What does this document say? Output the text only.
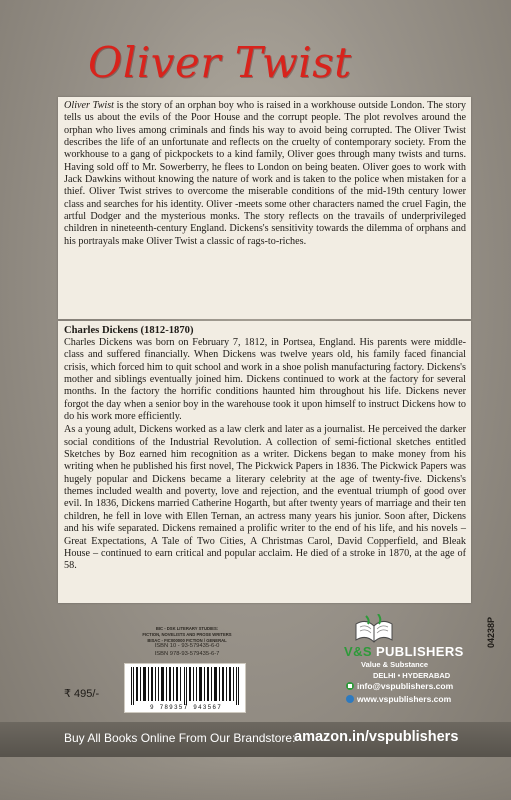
Oliver Twist

Oliver Twist is the story of an orphan boy who is raised in a workhouse outside London. The story tells us about the evils of the Poor House and the corrupt people. The plot revolves around the orphan who lives among criminals and finds his way to avoid being corrupted. The Oliver Twist describes the life of an unfortunate and reflects on the cruelty of contemporary society. From the workhouse to a gang of pickpockets to a kind family, Oliver goes through many twists and turns. Having sold off to Mr. Sowerberry, he flees to London on being beaten. Oliver goes to work with Jack Dawkins without knowing the nature of work and is taken to the police when mistaken for a thief. Oliver Twist strives to overcome the miserable conditions of the mid-19th century lower class and searches for his identity. Oliver -meets some other characters named the cruel Fagin, the artful Dodger and the mysterious monks. The story reflects on the travails of underprivileged children in nineteenth-century England. Dickens's sensitivity towards the dilemma of orphans and his portrayals make Oliver Twist a classic of rags-to-riches.

Charles Dickens (1812-1870)

Charles Dickens was born on February 7, 1812, in Portsea, England. His parents were middle-class and suffered financially. When Dickens was twelve years old, his family faced financial crisis, which forced him to quit school and work in a shoe polish manufacturing factory. Dickens's mother and siblings eventually joined him. Dickens continued to work at the factory for several months. In the factory the horrific conditions haunted him throughout his life. Dickens never forgot the day when a senior boy in the warehouse took it upon himself to instruct Dickens how to do his work more efficiently.

As a young adult, Dickens worked as a law clerk and later as a journalist. He perceived the darker social conditions of the Industrial Revolution. A collection of semi-fictional sketches entitled Sketches by Boz earned him recognition as a writer. Dickens began to make money from his writing when he published his first novel, The Pickwick Papers in 1836. The Pickwick Papers was hugely popular and Dickens became a literary celebrity at the age of twenty-five. Dickens's themes included wealth and poverty, love and rejection, and the eventual triumph of good over evil. In 1836, Dickens married Catherine Hogarth, but after twenty years of marriage and their ten children, he fell in love with Ellen Ternan, an actress many years his junior. Soon after, Dickens and his wife separated. Dickens remained a prolific writer to the end of his life, and his novels – Great Expectations, A Tale of Two Cities, A Christmas Carol, David Copperfield, and Bleak House – continued to earn critical and popular acclaim. He died of a stroke in 1870, at the age of 58.

BIC - DSK LITERARY STUDIES:
FICTION, NOVELISTS AND PROSE WRITERS
BISAC - FIC000000 FICTION / GENERAL
ISBN 10 - 93-579435-6-0
ISBN 978-93-579435-6-7
9 789357 943567
₹ 495/-
V&S PUBLISHERS
Value & Substance
DELHI • HYDERABAD
info@vspublishers.com
www.vspublishers.com
04238P
Buy All Books Online From Our Brandstore:
amazon.in/vspublishers
